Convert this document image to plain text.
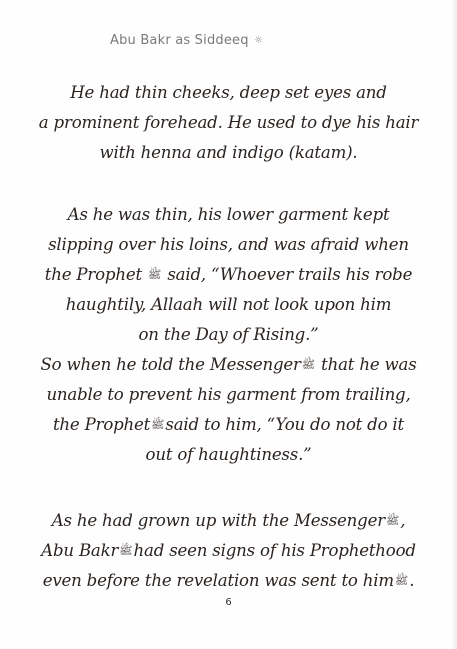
Abu Bakr as Siddeeq ☼
He had thin cheeks, deep set eyes and
a prominent forehead. He used to dye his hair
with henna and indigo (katam).
As he was thin, his lower garment kept
slipping over his loins, and was afraid when
the Prophet ﷺ said, “Whoever trails his robe
haughtily, Allaah will not look upon him
on the Day of Rising.”
So when he told the Messengerﷺ that he was
unable to prevent his garment from trailing,
the Prophetﷺsaid to him, “You do not do it
out of haughtiness.”
As he had grown up with the Messengerﷺ,
Abu Bakrﷺhad seen signs of his Prophethood
even before the revelation was sent to himﷺ.
6
